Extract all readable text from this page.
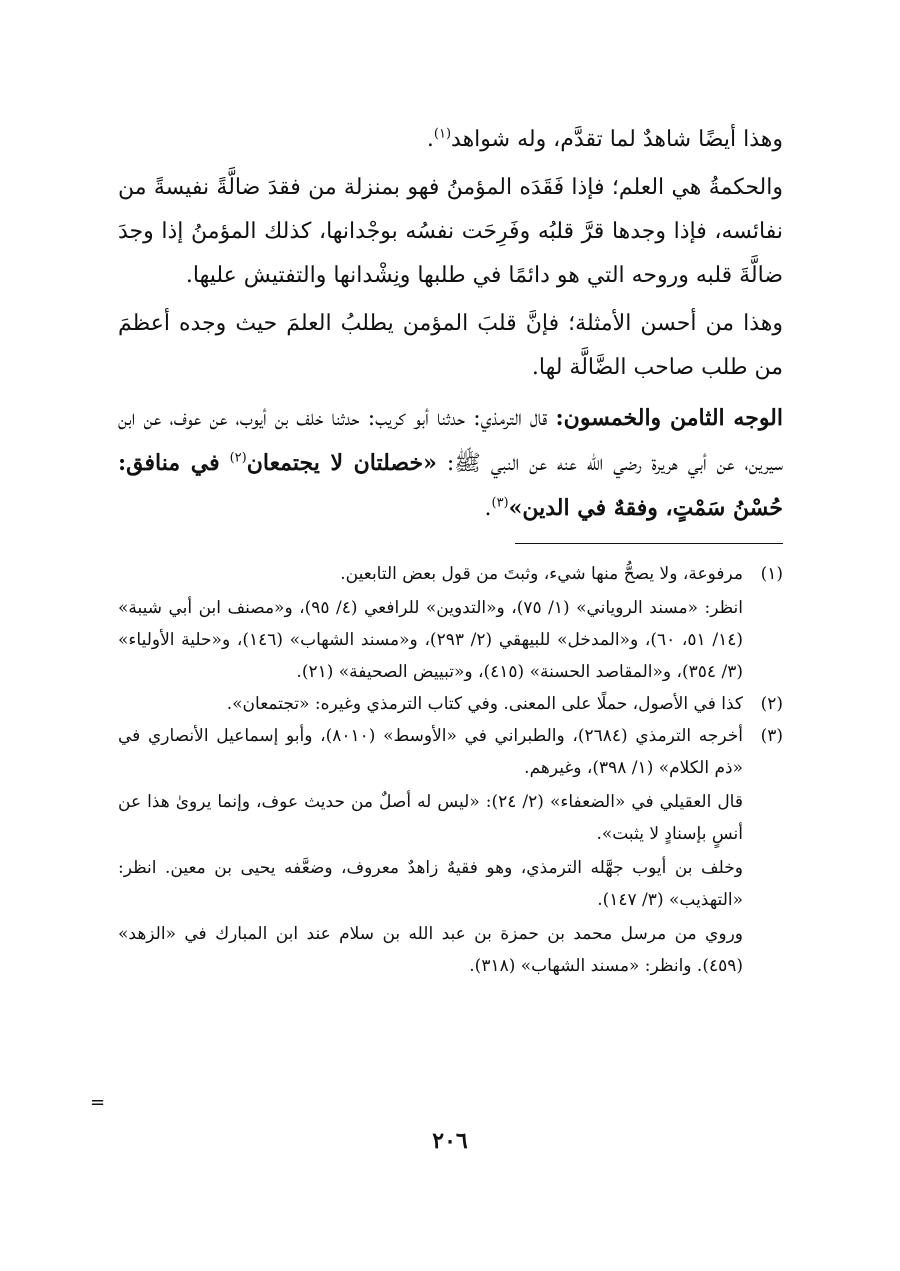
وهذا أيضًا شاهدٌ لما تقدَّم، وله شواهد$^{(١)}$.

والحكمةُ هي العلم؛ فإذا فَقَدَه المؤمنُ فهو بمنزلة من فقدَ ضالَّةً نفيسةً من نفائسه، فإذا وجدها قرَّ قلبُه وفَرِحَت نفسُه بوجْدانها، كذلك المؤمنُ إذا وجدَ ضالَّةَ قلبه وروحه التي هو دائمًا في طلبها ونِشْدانها والتفتيش عليها.

وهذا من أحسن الأمثلة؛ فإنَّ قلبَ المؤمن يطلبُ العلمَ حيث وجده أعظمَ من طلب صاحب الضَّالَّة لها.

الوجه الثامن والخمسون: قال الترمذي: حدثنا أبو كريب: حدثنا خلف بن أيوب، عن عوف، عن ابن سيرين، عن أبي هريرة رضي الله عنه عن النبي ﷺ: «خصلتان لا يجتمعان$^{(٢)}$ في منافق: حُسْنُ سَمْتٍ، وفقهٌ في الدين»$^{(٣)}$.

(١)

مرفوعة، ولا يصحُّ منها شيء، وثبتَ من قول بعض التابعين.

انظر: «مسند الروياني» (١/ ٧٥)، و«التدوين» للرافعي (٤/ ٩٥)، و«مصنف ابن أبي شيبة» (١٤/ ٥١، ٦٠)، و«المدخل» للبيهقي (٢/ ٢٩٣)، و«مسند الشهاب» (١٤٦)، و«حلية الأولياء» (٣/ ٣٥٤)، و«المقاصد الحسنة» (٤١٥)، و«تبييض الصحيفة» (٢١).

(٢)

كذا في الأصول، حملًا على المعنى. وفي كتاب الترمذي وغيره: «تجتمعان».

(٣)

أخرجه الترمذي (٢٦٨٤)، والطبراني في «الأوسط» (٨٠١٠)، وأبو إسماعيل الأنصاري في «ذم الكلام» (١/ ٣٩٨)، وغيرهم.

قال العقيلي في «الضعفاء» (٢/ ٢٤): «ليس له أصلٌ من حديث عوف، وإنما يروىٰ هذا عن أنسٍ بإسنادٍ لا يثبت».

وخلف بن أيوب جهَّله الترمذي، وهو فقيهٌ زاهدٌ معروف، وضعَّفه يحيى بن معين. انظر: «التهذيب» (٣/ ١٤٧).

وروي من مرسل محمد بن حمزة بن عبد الله بن سلام عند ابن المبارك في «الزهد» (٤٥٩). وانظر: «مسند الشهاب» (٣١٨).

=
٢٠٦
